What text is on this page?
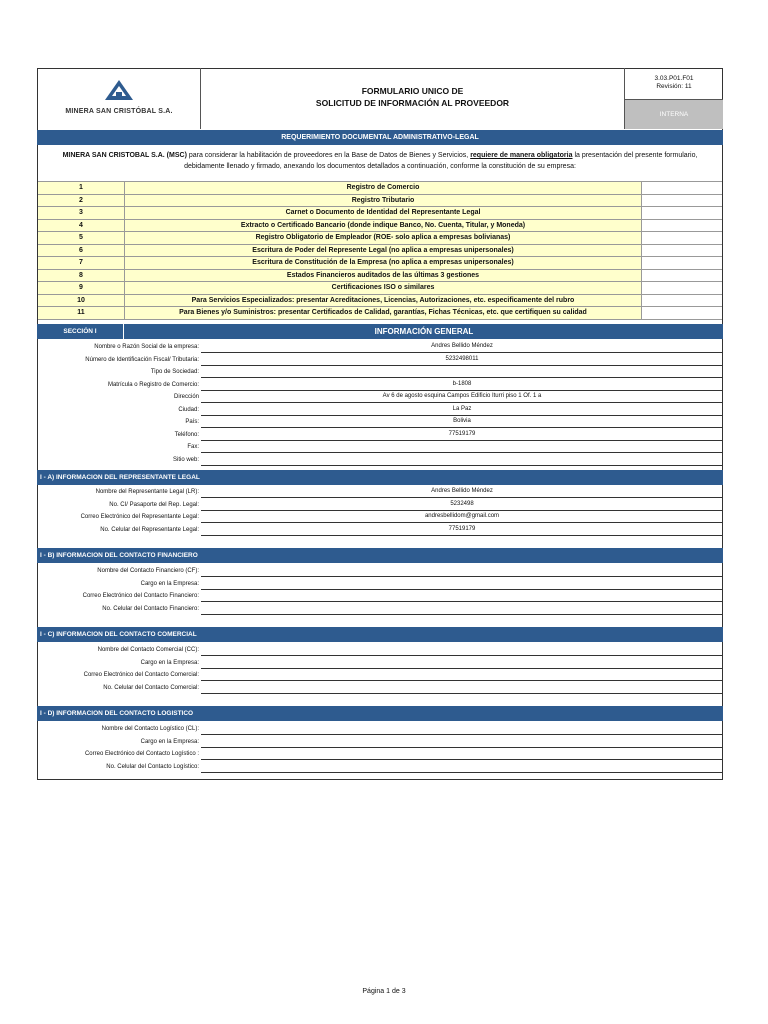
MINERA SAN CRISTÓBAL S.A.
FORMULARIO UNICO DE
SOLICITUD DE INFORMACIÓN AL PROVEEDOR
3.03.P01.F01
Revisión: 11
INTERNA
REQUERIMIENTO DOCUMENTAL ADMINISTRATIVO-LEGAL
MINERA SAN CRISTOBAL S.A. (MSC) para considerar la habilitación de proveedores en la Base de Datos de Bienes y Servicios, requiere de manera obligatoria la presentación del presente formulario,
debidamente llenado y firmado, anexando los documentos detallados a continuación, conforme la constitución de su empresa:
1	Registro de Comercio
2	Registro Tributario
3	Carnet o Documento de Identidad del Representante Legal
4	Extracto o Certificado Bancario (donde indique Banco, No. Cuenta, Titular, y Moneda)
5	Registro Obligatorio de Empleador (ROE- solo aplica a empresas bolivianas)
6	Escritura de Poder del Represente Legal (no aplica a empresas unipersonales)
7	Escritura de Constitución de la Empresa (no aplica a empresas unipersonales)
8	Estados Financieros auditados de las últimas 3 gestiones
9	Certificaciones ISO o similares
10	Para Servicios Especializados: presentar Acreditaciones, Licencias, Autorizaciones, etc. especificamente del rubro
11	Para Bienes y/o Suministros: presentar Certificados de Calidad, garantías, Fichas Técnicas, etc. que certifiquen su calidad
SECCIÓN I	INFORMACIÓN GENERAL
Nombre o Razón Social de la empresa:	Andres Bellido Méndez
Número de Identificación Fiscal/ Tributaria:	5232498011
Tipo de Sociedad:
Matrícula o Registro de Comercio:	b-1808
Dirección	Av 6 de agosto esquina Campos Edificio Iturri piso 1 Of. 1 a
Ciudad:	La Paz
País:	Bolivia
Teléfono:	77519179
Fax:
Sitio web:
I - A) INFORMACION DEL REPRESENTANTE LEGAL
Nombre del Representante Legal (LR):	Andres Bellido Méndez
No. CI/ Pasaporte del Rep. Legal:	5232498
Correo Electrónico del Representante Legal:	andresbellidom@gmail.com
No. Celular del Representante Legal:	77519179
I - B) INFORMACION DEL CONTACTO FINANCIERO
Nombre del Contacto Financiero (CF):
Cargo en la Empresa:
Correo Electrónico del Contacto Financiero:
No. Celular del Contacto Financiero:
I - C) INFORMACION DEL CONTACTO COMERCIAL
Nombre del Contacto Comercial (CC):
Cargo en la Empresa:
Correo Electrónico del Contacto Comercial:
No. Celular del Contacto Comercial:
I - D) INFORMACION DEL CONTACTO LOGISTICO
Nombre del Contacto Logístico (CL):
Cargo en la Empresa:
Correo Electrónico del Contacto Logístico :
No. Celular del Contacto Logístico:
Página 1 de 3
